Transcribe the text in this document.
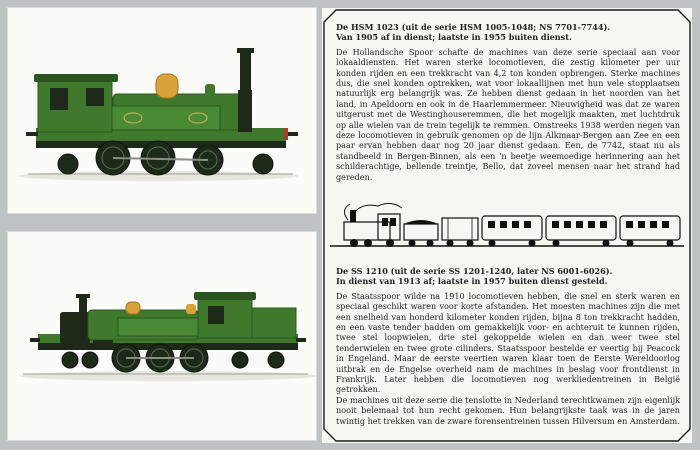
De HSM 1023 (uit de serie HSM 1005-1048; NS 7701-7744).

Van 1905 af in dienst; laatste in 1955 buiten dienst.

De Hollandsche Spoor schafte de machines van deze serie speciaal aan voor lokaaldiensten. Het waren sterke locomotieven, die zestig kilometer per uur konden rijden en een trekkracht van 4,2 ton konden opbrengen. Sterke machines dus, die snel konden optrekken, wat voor lokaallijnen met hun vele stopplaatsen natuurlijk erg belangrijk was. Ze hebben dienst gedaan in het noorden van het land, in Apeldoorn en ook in de Haarlemmermeer. Nieuwigheid was dat ze waren uitgerust met de Westinghouseremmen, die het mogelijk maakten, met luchtdruk op alle wielen van de trein tegelijk te remmen. Omstreeks 1938 werden negen van deze locomotieven in gebruik genomen op de lijn Alkmaar-Bergen aan Zee en een paar ervan hebben daar nog 20 jaar dienst gedaan. Een, de 7742, staat nu als standbeeld in Bergen-Binnen, als een 'n beetje weemoedige herinnering aan het schilderachtige, bellende treintje, Bello, dat zoveel mensen naar het strand had gereden.

De SS 1210 (uit de serie SS 1201-1240, later NS 6001-6026).

In dienst van 1913 af; laatste in 1957 buiten dienst gesteld.

De Staatsspoor wilde na 1910 locomotieven hebben, die snel en sterk waren en speciaal geschikt waren voor korte afstanden. Het moesten machines zijn die met een snelheid van honderd kilometer konden rijden, bijna 8 ton trekkracht hadden, en een vaste tender hadden om gemakkelijk voor- en achteruit te kunnen rijden, twee stel loopwielen, drie stel gekoppelde wielen en dan weer twee stel tenderwielen en twee grote cilinders. Staatsspoor bestelde er veertig bij Peacock in Engeland. Maar de eerste veertien waren klaar toen de Eerste Wereldoorlog uitbrak en de Engelse overheid nam de machines in beslag voor frontdienst in Frankrijk. Later hebben die locomotieven nog werkliedentreinen in België getrokken.

De machines uit deze serie die tenslotte in Nederland terechtkwamen zijn eigenlijk nooit belemaal tot hun recht gekomen. Hun belangrijkste taak was in de jaren twintig het trekken van de zware forensentreinen tussen Hilversum en Amsterdam.
